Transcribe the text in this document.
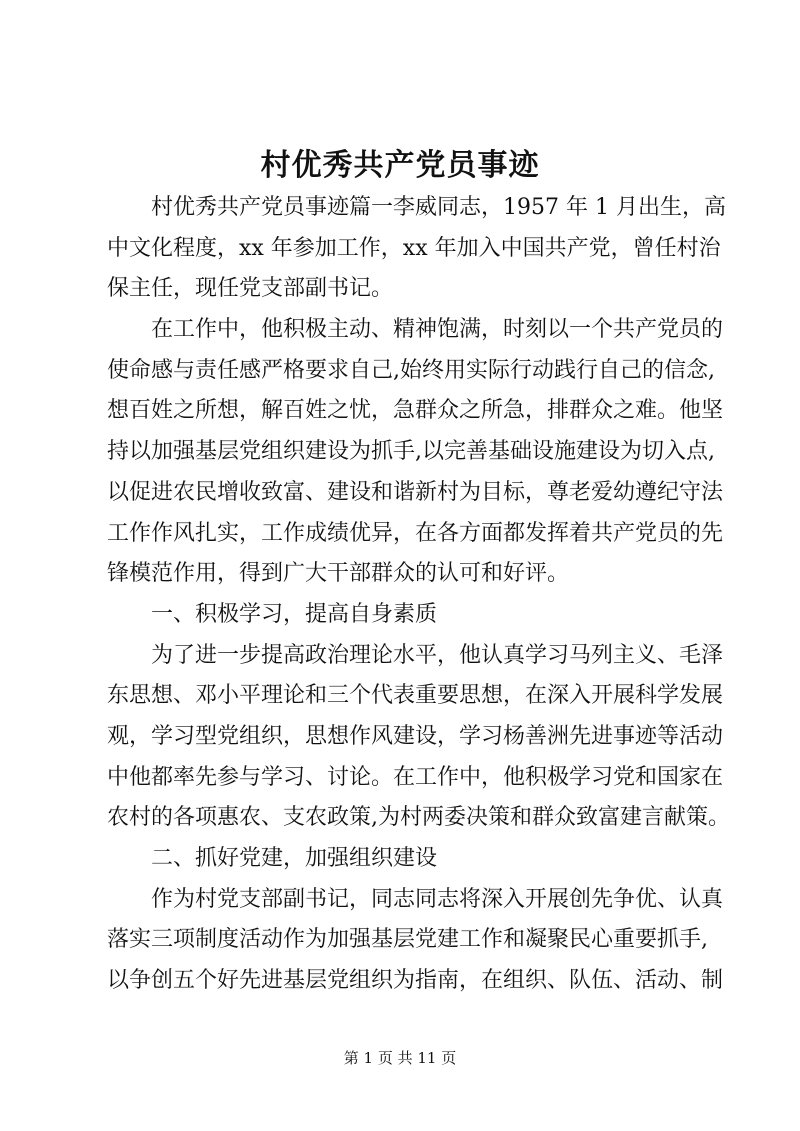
村优秀共产党员事迹
　　村优秀共产党员事迹篇一李威同志，1957 年 1 月出生，高
中文化程度，xx 年参加工作，xx 年加入中国共产党，曾任村治
保主任，现任党支部副书记。
　　在工作中，他积极主动、精神饱满，时刻以一个共产党员的
使命感与责任感严格要求自己,始终用实际行动践行自己的信念,
想百姓之所想，解百姓之忧，急群众之所急，排群众之难。他坚
持以加强基层党组织建设为抓手,以完善基础设施建设为切入点,
以促进农民增收致富、建设和谐新村为目标，尊老爱幼遵纪守法
工作作风扎实，工作成绩优异，在各方面都发挥着共产党员的先
锋模范作用，得到广大干部群众的认可和好评。
　　一、积极学习，提高自身素质
　　为了进一步提高政治理论水平，他认真学习马列主义、毛泽
东思想、邓小平理论和三个代表重要思想，在深入开展科学发展
观，学习型党组织，思想作风建设，学习杨善洲先进事迹等活动
中他都率先参与学习、讨论。在工作中，他积极学习党和国家在
农村的各项惠农、支农政策,为村两委决策和群众致富建言献策。
　　二、抓好党建，加强组织建设
　　作为村党支部副书记，同志同志将深入开展创先争优、认真
落实三项制度活动作为加强基层党建工作和凝聚民心重要抓手,
以争创五个好先进基层党组织为指南，在组织、队伍、活动、制
第 1 页 共 11 页
